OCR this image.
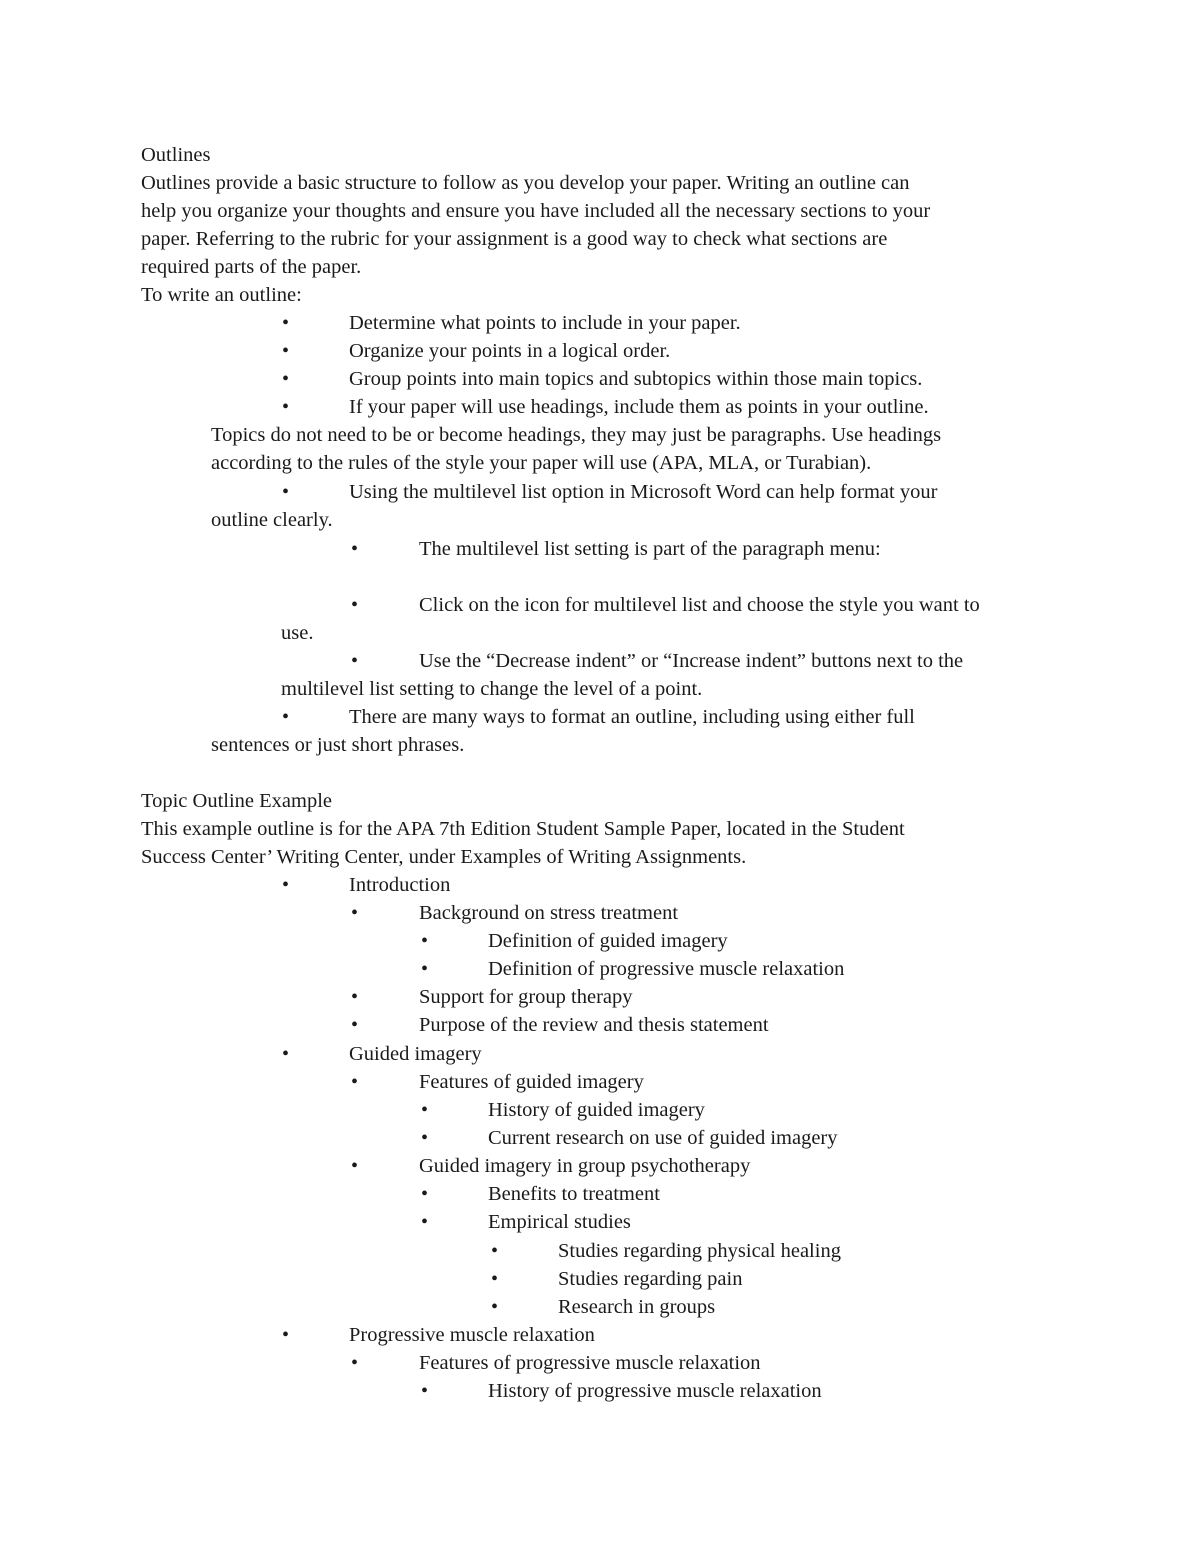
Outlines
Outlines provide a basic structure to follow as you develop your paper. Writing an outline can
help you organize your thoughts and ensure you have included all the necessary sections to your
paper. Referring to the rubric for your assignment is a good way to check what sections are
required parts of the paper.
To write an outline:
•	Determine what points to include in your paper.
•	Organize your points in a logical order.
•	Group points into main topics and subtopics within those main topics.
•	If your paper will use headings, include them as points in your outline.
Topics do not need to be or become headings, they may just be paragraphs. Use headings
according to the rules of the style your paper will use (APA, MLA, or Turabian).
•	Using the multilevel list option in Microsoft Word can help format your
outline clearly.
•	The multilevel list setting is part of the paragraph menu:
•	Click on the icon for multilevel list and choose the style you want to
use.
•	Use the “Decrease indent” or “Increase indent” buttons next to the
multilevel list setting to change the level of a point.
•	There are many ways to format an outline, including using either full
sentences or just short phrases.
Topic Outline Example
This example outline is for the APA 7th Edition Student Sample Paper, located in the Student
Success Center’ Writing Center, under Examples of Writing Assignments.
•	Introduction
•	Background on stress treatment
•	Definition of guided imagery
•	Definition of progressive muscle relaxation
•	Support for group therapy
•	Purpose of the review and thesis statement
•	Guided imagery
•	Features of guided imagery
•	History of guided imagery
•	Current research on use of guided imagery
•	Guided imagery in group psychotherapy
•	Benefits to treatment
•	Empirical studies
•	Studies regarding physical healing
•	Studies regarding pain
•	Research in groups
•	Progressive muscle relaxation
•	Features of progressive muscle relaxation
•	History of progressive muscle relaxation
